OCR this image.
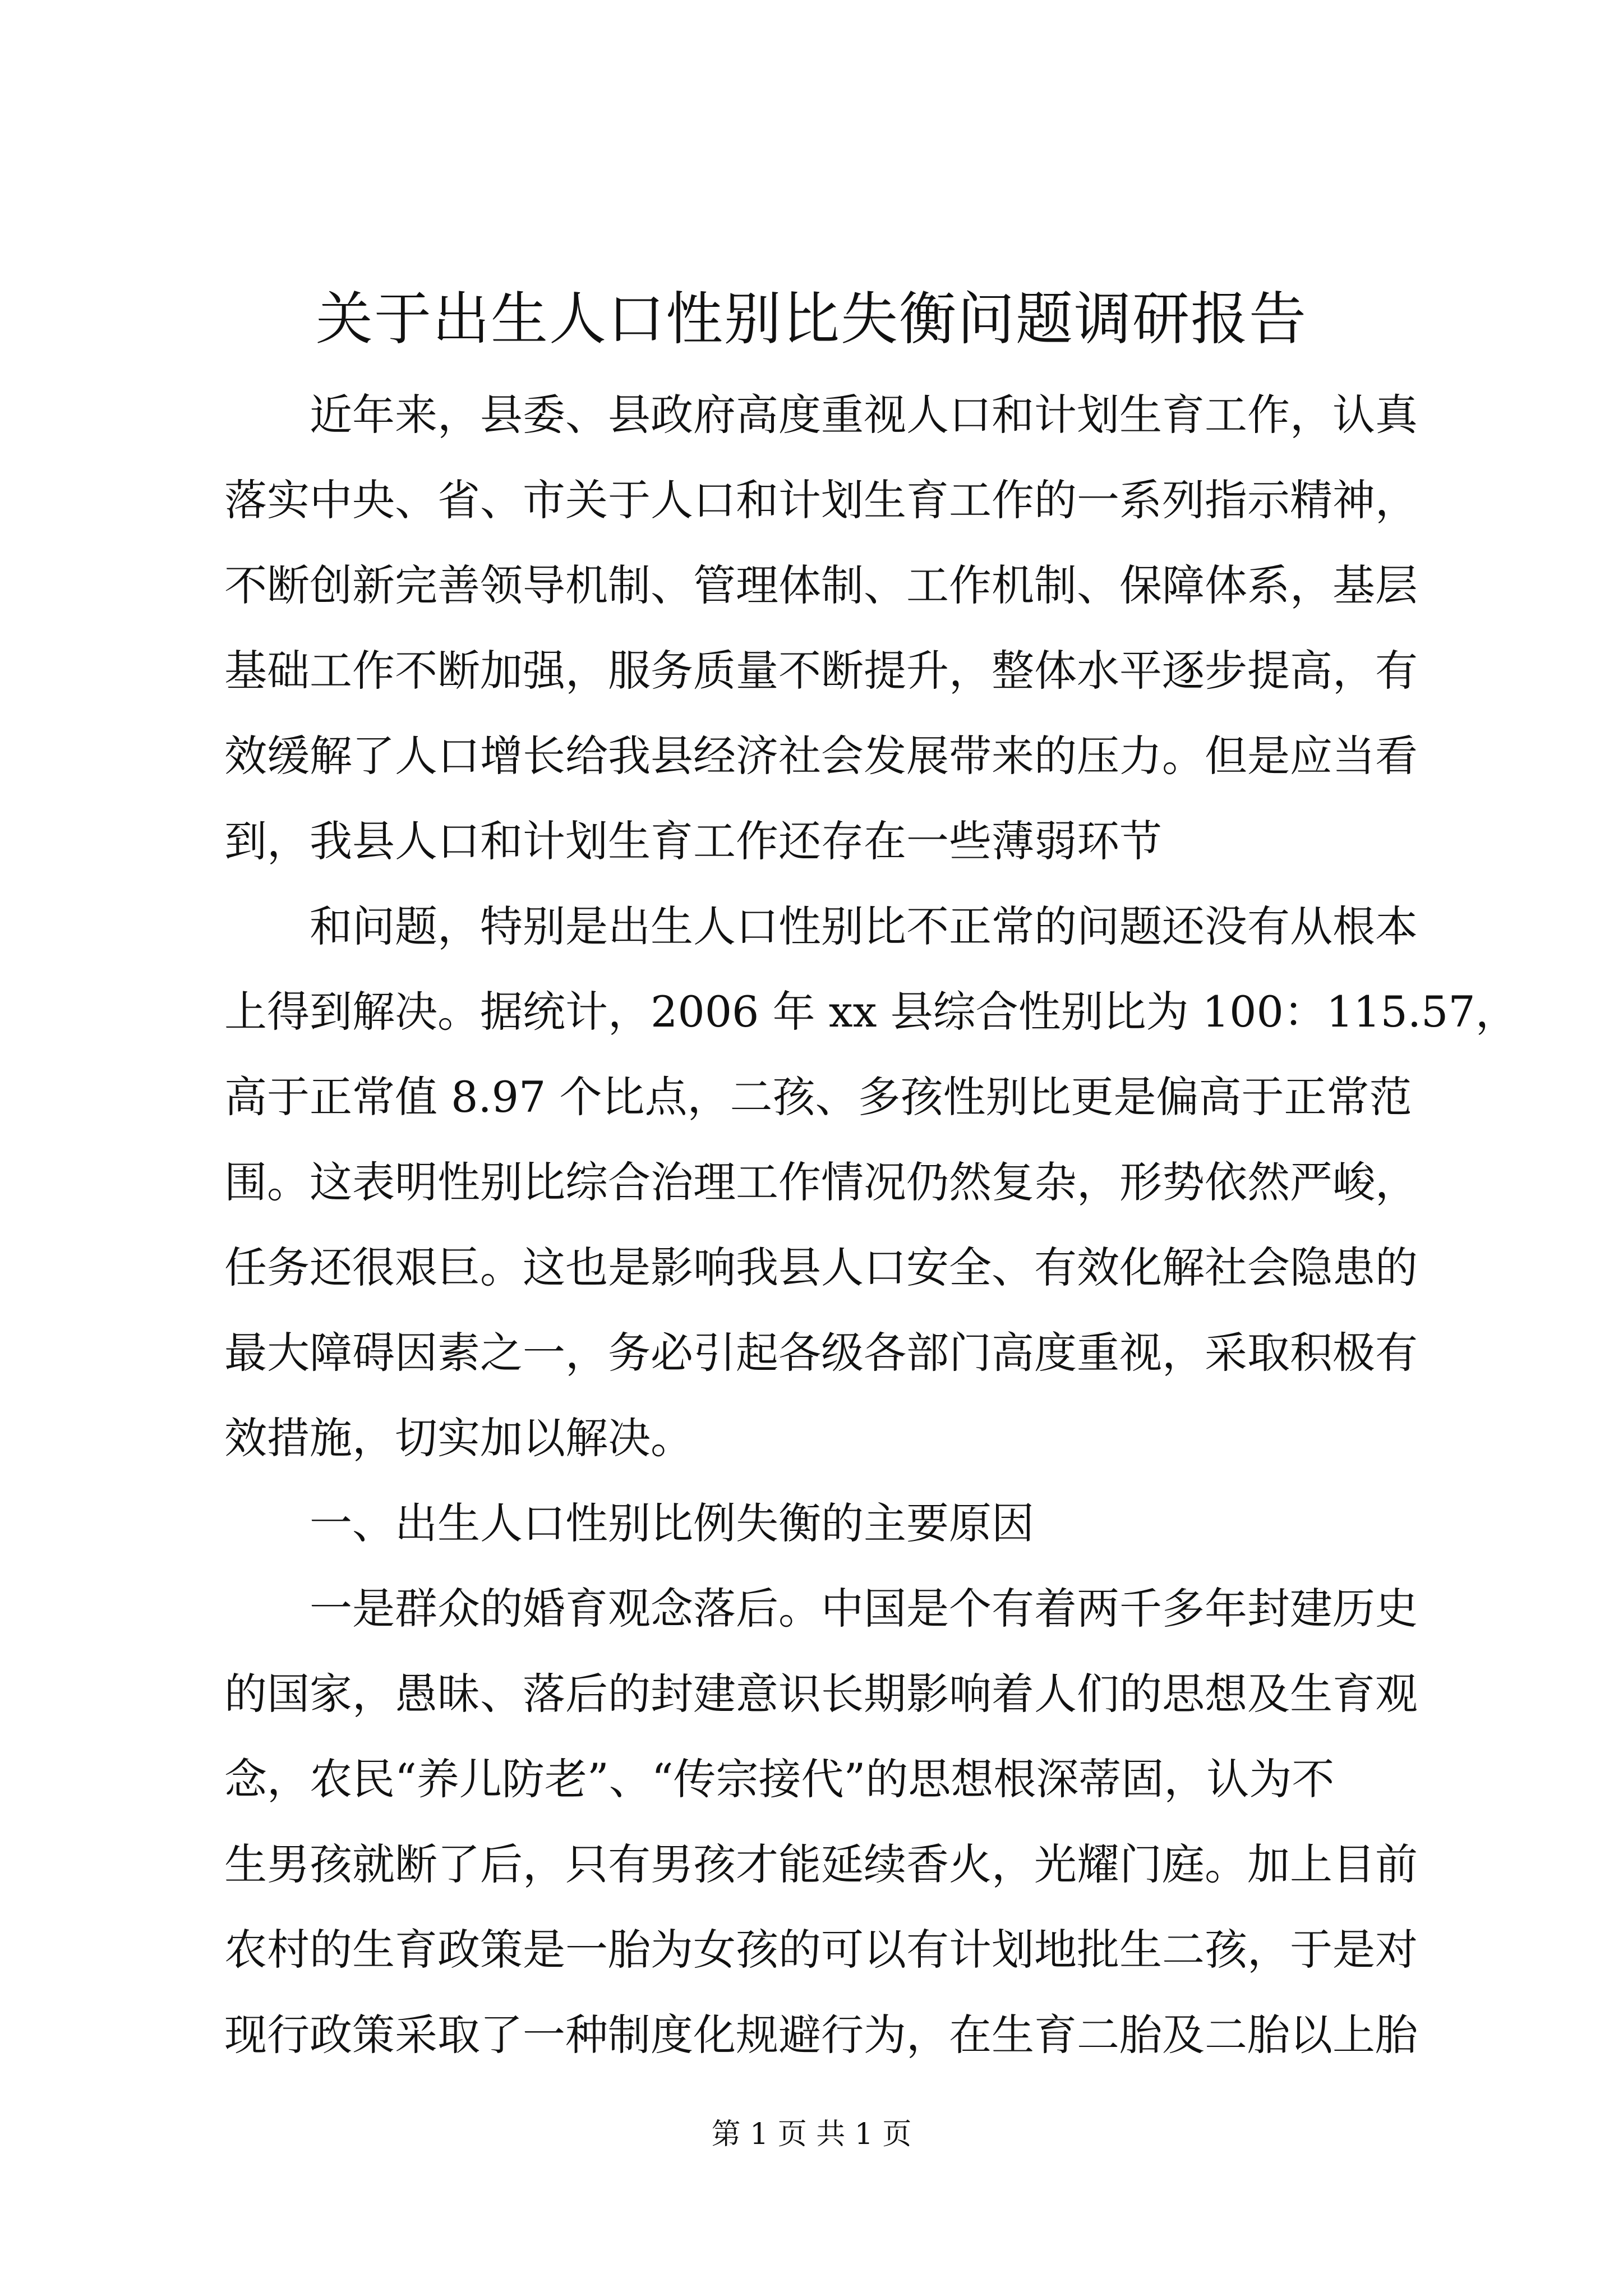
关于出生人口性别比失衡问题调研报告

　　近年来，县委、县政府高度重视人口和计划生育工作，认真

落实中央、省、市关于人口和计划生育工作的一系列指示精神，

不断创新完善领导机制、管理体制、工作机制、保障体系，基层

基础工作不断加强，服务质量不断提升，整体水平逐步提高，有

效缓解了人口增长给我县经济社会发展带来的压力。但是应当看

到，我县人口和计划生育工作还存在一些薄弱环节

　　和问题，特别是出生人口性别比不正常的问题还没有从根本

上得到解决。据统计，2006 年 xx 县综合性别比为 100：115.57，

高于正常值 8.97 个比点，二孩、多孩性别比更是偏高于正常范

围。这表明性别比综合治理工作情况仍然复杂，形势依然严峻，

任务还很艰巨。这也是影响我县人口安全、有效化解社会隐患的

最大障碍因素之一，务必引起各级各部门高度重视，采取积极有

效措施，切实加以解决。

　　一、出生人口性别比例失衡的主要原因

　　一是群众的婚育观念落后。中国是个有着两千多年封建历史

的国家，愚昧、落后的封建意识长期影响着人们的思想及生育观

念，农民“养儿防老”、“传宗接代”的思想根深蒂固，认为不

生男孩就断了后，只有男孩才能延续香火，光耀门庭。加上目前

农村的生育政策是一胎为女孩的可以有计划地批生二孩，于是对

现行政策采取了一种制度化规避行为，在生育二胎及二胎以上胎

第 1 页 共 1 页
